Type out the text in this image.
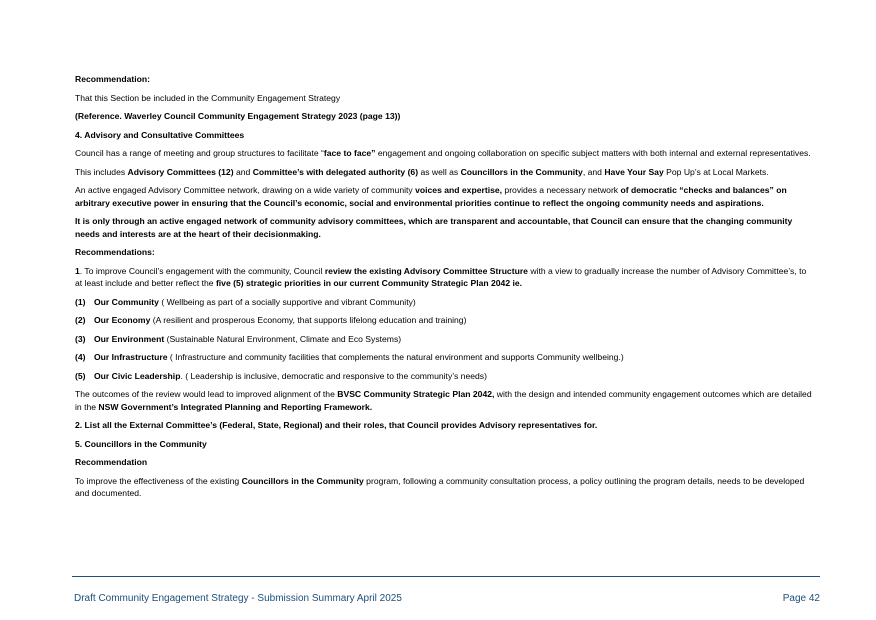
Recommendation:
That this Section be included in the Community Engagement Strategy
(Reference. Waverley Council Community Engagement Strategy 2023 (page 13))
4. Advisory and Consultative Committees
Council has a range of meeting and group structures to facilitate “face to face” engagement and ongoing collaboration on specific subject matters with both internal and external representatives.
This includes Advisory Committees (12) and Committee’s with delegated authority (6) as well as Councillors in the Community, and Have Your Say Pop Up’s at Local Markets.
An active engaged Advisory Committee network, drawing on a wide variety of community voices and expertise, provides a necessary network of democratic “checks and balances” on arbitrary executive power in ensuring that the Council’s economic, social and environmental priorities continue to reflect the ongoing community needs and aspirations.
It is only through an active engaged network of community advisory committees, which are transparent and accountable, that Council can ensure that the changing community needs and interests are at the heart of their decisionmaking.
Recommendations:
1. To improve Council’s engagement with the community, Council review the existing Advisory Committee Structure with a view to gradually increase the number of Advisory Committee’s, to at least include and better reflect the five (5) strategic priorities in our current Community Strategic Plan 2042 ie.
(1) Our Community ( Wellbeing as part of a socially supportive and vibrant Community)
(2) Our Economy (A resilient and prosperous Economy, that supports lifelong education and training)
(3) Our Environment (Sustainable Natural Environment, Climate and Eco Systems)
(4) Our Infrastructure ( Infrastructure and community facilities that complements the natural environment and supports Community wellbeing.)
(5) Our Civic Leadership. ( Leadership is inclusive, democratic and responsive to the community’s needs)
The outcomes of the review would lead to improved alignment of the BVSC Community Strategic Plan 2042, with the design and intended community engagement outcomes which are detailed in the NSW Government’s Integrated Planning and Reporting Framework.
2. List all the External Committee’s (Federal, State, Regional) and their roles, that Council provides Advisory representatives for.
5. Councillors in the Community
Recommendation
To improve the effectiveness of the existing Councillors in the Community program, following a community consultation process, a policy outlining the program details, needs to be developed and documented.
Draft Community Engagement Strategy - Submission Summary April 2025	Page 42
